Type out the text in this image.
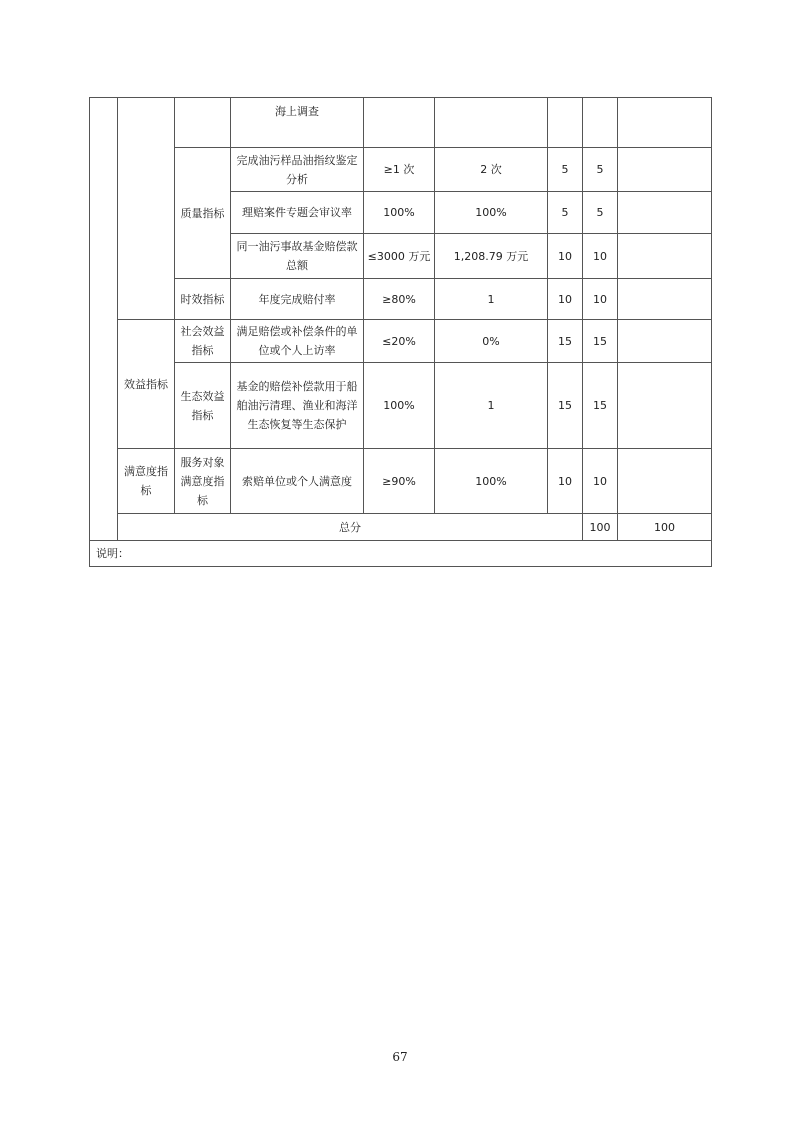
			海上调查						
		质量指标	完成油污样品油指纹鉴定分析	≥1 次	2 次	5	5		
			理赔案件专题会审议率	100%	100%	5	5		
			同一油污事故基金赔偿款总额	≤3000 万元	1,208.79 万元	10	10		
		时效指标	年度完成赔付率	≥80%	1	10	10		
	效益指标	社会效益指标	满足赔偿或补偿条件的单位或个人上访率	≤20%	0%	15	15		
		生态效益指标	基金的赔偿补偿款用于船舶油污清理、渔业和海洋生态恢复等生态保护	100%	1	15	15		
	满意度指标	服务对象满意度指标	索赔单位或个人满意度	≥90%	100%	10	10		
	总分						100	100	
说明：									
67
